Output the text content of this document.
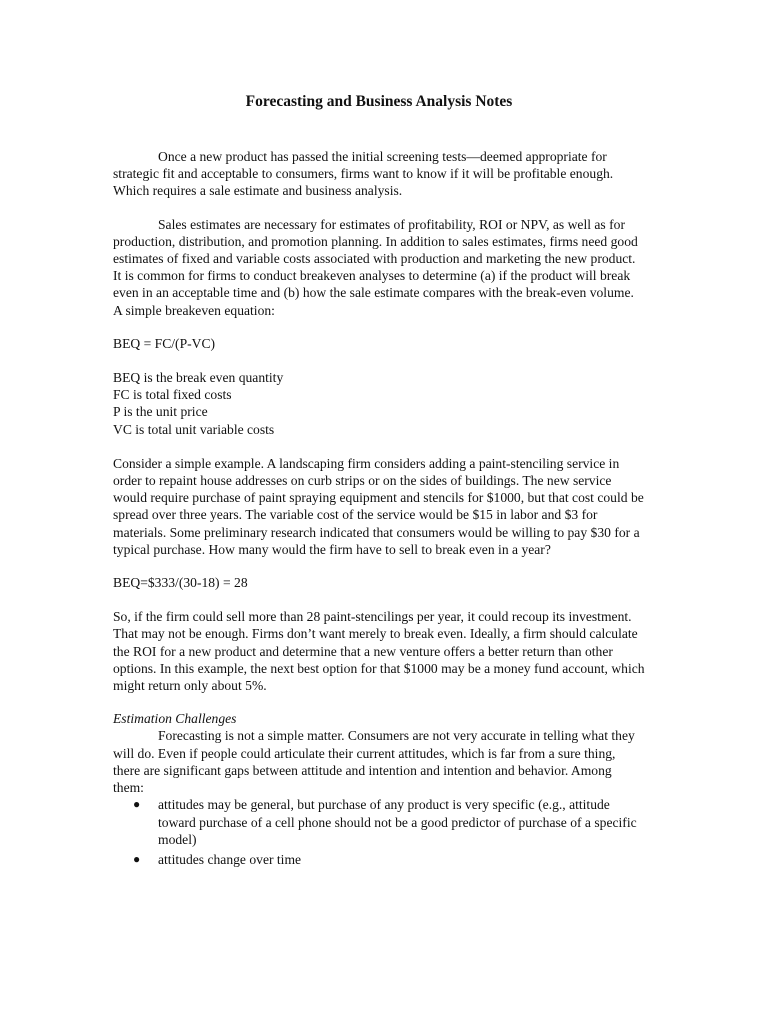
Forecasting and Business Analysis Notes

Once a new product has passed the initial screening tests—deemed appropriate for strategic fit and acceptable to consumers, firms want to know if it will be profitable enough. Which requires a sale estimate and business analysis.

Sales estimates are necessary for estimates of profitability, ROI or NPV, as well as for production, distribution, and promotion planning. In addition to sales estimates, firms need good estimates of fixed and variable costs associated with production and marketing the new product. It is common for firms to conduct breakeven analyses to determine (a) if the product will break even in an acceptable time and (b) how the sale estimate compares with the break-even volume. A simple breakeven equation:

BEQ = FC/(P-VC)
BEQ is the break even quantity
FC is total fixed costs
P is the unit price
VC is total unit variable costs

Consider a simple example. A landscaping firm considers adding a paint-stenciling service in order to repaint house addresses on curb strips or on the sides of buildings. The new service would require purchase of paint spraying equipment and stencils for $1000, but that cost could be spread over three years. The variable cost of the service would be $15 in labor and $3 for materials. Some preliminary research indicated that consumers would be willing to pay $30 for a typical purchase. How many would the firm have to sell to break even in a year?

BEQ=$333/(30-18) = 28

So, if the firm could sell more than 28 paint-stencilings per year, it could recoup its investment. That may not be enough. Firms don’t want merely to break even. Ideally, a firm should calculate the ROI for a new product and determine that a new venture offers a better return than other options. In this example, the next best option for that $1000 may be a money fund account, which might return only about 5%.

Estimation Challenges

Forecasting is not a simple matter. Consumers are not very accurate in telling what they will do. Even if people could articulate their current attitudes, which is far from a sure thing, there are significant gaps between attitude and intention and intention and behavior. Among them:

● attitudes may be general, but purchase of any product is very specific (e.g., attitude toward purchase of a cell phone should not be a good predictor of purchase of a specific model)
● attitudes change over time
